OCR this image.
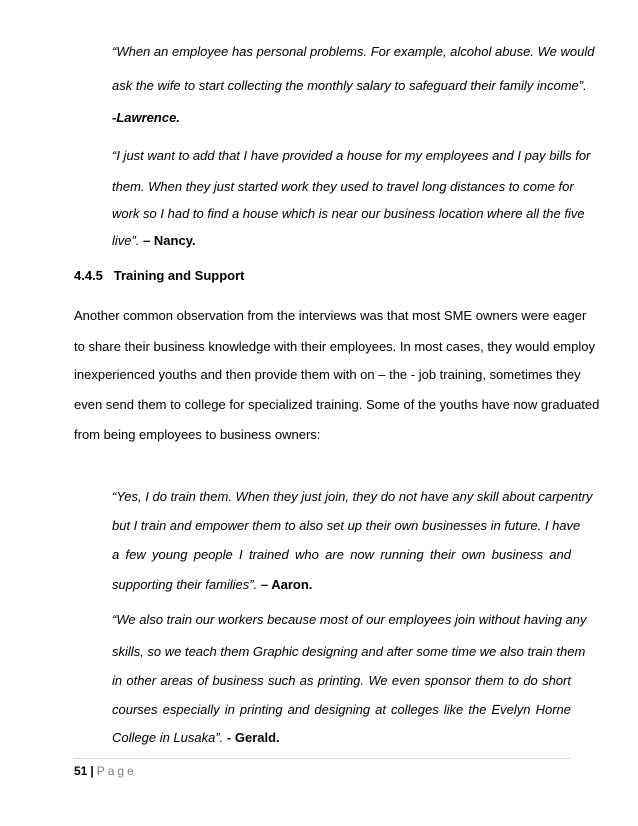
“When an employee has personal problems. For example, alcohol abuse. We would
ask the wife to start collecting the monthly salary to safeguard their family income”.
-Lawrence.
“I just want to add that I have provided a house for my employees and I pay bills for
them. When they just started work they used to travel long distances to come for
work so I had to find a house which is near our business location where all the five
live”. – Nancy.
4.4.5 Training and Support
Another common observation from the interviews was that most SME owners were eager
to share their business knowledge with their employees. In most cases, they would employ
inexperienced youths and then provide them with on – the - job training, sometimes they
even send them to college for specialized training. Some of the youths have now graduated
from being employees to business owners:
“Yes, I do train them. When they just join, they do not have any skill about carpentry
but I train and empower them to also set up their own businesses in future. I have
a few young people I trained who are now running their own business and
supporting their families”. – Aaron.
“We also train our workers because most of our employees join without having any
skills, so we teach them Graphic designing and after some time we also train them
in other areas of business such as printing. We even sponsor them to do short
courses especially in printing and designing at colleges like the Evelyn Horne
College in Lusaka”. - Gerald.
51 | Page
